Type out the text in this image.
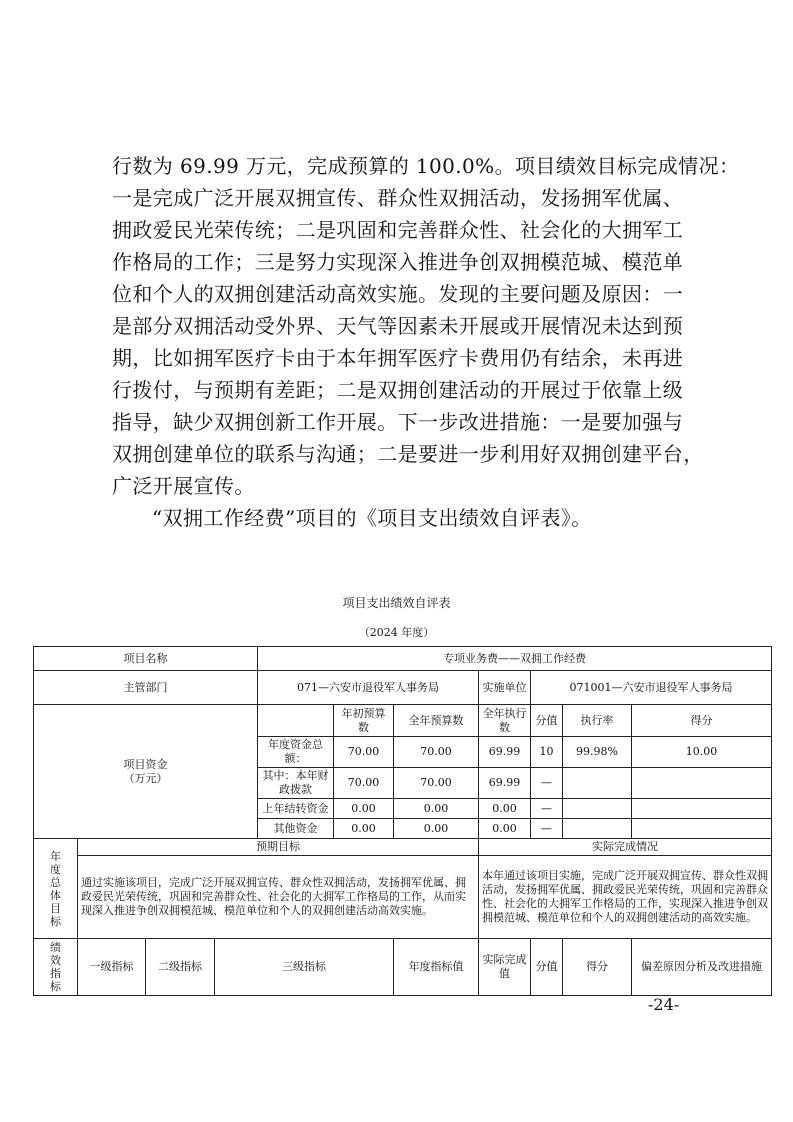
行数为 69.99 万元，完成预算的 100.0%。项目绩效目标完成情况：
一是完成广泛开展双拥宣传、群众性双拥活动，发扬拥军优属、
拥政爱民光荣传统；二是巩固和完善群众性、社会化的大拥军工
作格局的工作；三是努力实现深入推进争创双拥模范城、模范单
位和个人的双拥创建活动高效实施。发现的主要问题及原因：一
是部分双拥活动受外界、天气等因素未开展或开展情况未达到预
期，比如拥军医疗卡由于本年拥军医疗卡费用仍有结余，未再进
行拨付，与预期有差距；二是双拥创建活动的开展过于依靠上级
指导，缺少双拥创新工作开展。下一步改进措施：一是要加强与
双拥创建单位的联系与沟通；二是要进一步利用好双拥创建平台，
广泛开展宣传。
“双拥工作经费”项目的《项目支出绩效自评表》。
项目支出绩效自评表
（2024 年度）
项目名称				专项业务费——双拥工作经费						
主管部门				071—六安市退役军人事务局			实施单位	071001—六安市退役军人事务局		
项目资金
（万元）					年初预算数	全年预算数	全年执行数	分值	执行率	得分
				年度资金总额：	70.00	70.00	69.99	10	99.98%	10.00
				其中：本年财政拨款	70.00	70.00	69.99	—		
				上年结转资金	0.00	0.00	0.00	—		
				其他资金	0.00	0.00	0.00	—		
年度总体目标	预期目标						实际完成情况			
	通过实施该项目，完成广泛开展双拥宣传、群众性双拥活动，发扬拥军优属、拥政爱民光荣传统，巩固和完善群众性、社会化的大拥军工作格局的工作，从而实现深入推进争创双拥模范城、模范单位和个人的双拥创建活动高效实施。						本年通过该项目实施，完成广泛开展双拥宣传、群众性双拥活动，发扬拥军优属、拥政爱民光荣传统，巩固和完善群众性、社会化的大拥军工作格局的工作，实现深入推进争创双拥模范城、模范单位和个人的双拥创建活动的高效实施。			
绩效指标	一级指标	二级指标	三级指标			年度指标值	实际完成值	分值	得分	偏差原因分析及改进措施
-24-
